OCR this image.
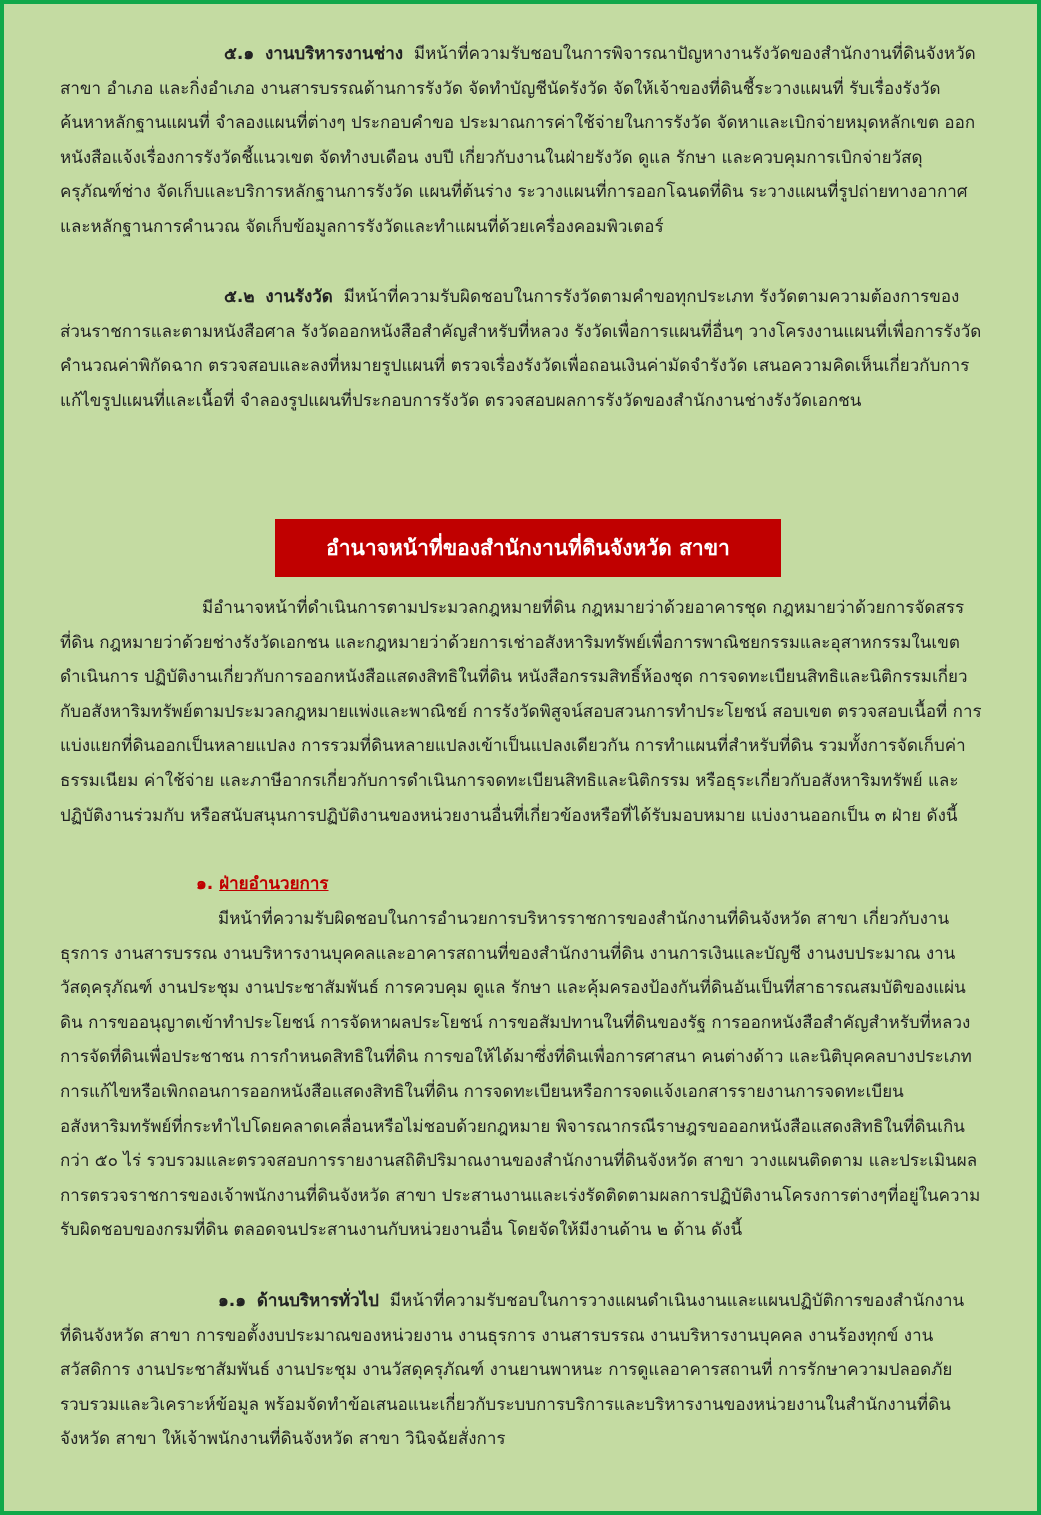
๕.๑ งานบริหารงานช่าง มีหน้าที่ความรับชอบในการพิจารณาปัญหางานรังวัดของสำนักงานที่ดินจังหวัด สาขา อำเภอ และกิ่งอำเภอ งานสารบรรณด้านการรังวัด จัดทำบัญชีนัดรังวัด จัดให้เจ้าของที่ดินชี้ระวางแผนที่ รับเรื่องรังวัด ค้นหาหลักฐานแผนที่ จำลองแผนที่ต่างๆ ประกอบคำขอ ประมาณการค่าใช้จ่ายในการรังวัด จัดหาและเบิกจ่ายหมุดหลักเขต ออกหนังสือแจ้งเรื่องการรังวัดชี้แนวเขต จัดทำงบเดือน งบปี เกี่ยวกับงานในฝ่ายรังวัด ดูแล รักษา และควบคุมการเบิกจ่ายวัสดุครุภัณฑ์ช่าง จัดเก็บและบริการหลักฐานการรังวัด แผนที่ต้นร่าง ระวางแผนที่การออกโฉนดที่ดิน ระวางแผนที่รูปถ่ายทางอากาศ และหลักฐานการคำนวณ จัดเก็บข้อมูลการรังวัดและทำแผนที่ด้วยเครื่องคอมพิวเตอร์

๕.๒ งานรังวัด มีหน้าที่ความรับผิดชอบในการรังวัดตามคำขอทุกประเภท รังวัดตามความต้องการของส่วนราชการและตามหนังสือศาล รังวัดออกหนังสือสำคัญสำหรับที่หลวง รังวัดเพื่อการแผนที่อื่นๆ วางโครงงานแผนที่เพื่อการรังวัด คำนวณค่าพิกัดฉาก ตรวจสอบและลงที่หมายรูปแผนที่ ตรวจเรื่องรังวัดเพื่อถอนเงินค่ามัดจำรังวัด เสนอความคิดเห็นเกี่ยวกับการแก้ไขรูปแผนที่และเนื้อที่ จำลองรูปแผนที่ประกอบการรังวัด ตรวจสอบผลการรังวัดของสำนักงานช่างรังวัดเอกชน

อำนาจหน้าที่ของสำนักงานที่ดินจังหวัด สาขา

มีอำนาจหน้าที่ดำเนินการตามประมวลกฎหมายที่ดิน กฎหมายว่าด้วยอาคารชุด กฎหมายว่าด้วยการจัดสรรที่ดิน กฎหมายว่าด้วยช่างรังวัดเอกชน และกฎหมายว่าด้วยการเช่าอสังหาริมทรัพย์เพื่อการพาณิชยกรรมและอุสาหกรรมในเขตดำเนินการ ปฏิบัติงานเกี่ยวกับการออกหนังสือแสดงสิทธิในที่ดิน หนังสือกรรมสิทธิ์ห้องชุด การจดทะเบียนสิทธิและนิติกรรมเกี่ยวกับอสังหาริมทรัพย์ตามประมวลกฎหมายแพ่งและพาณิชย์ การรังวัดพิสูจน์สอบสวนการทำประโยชน์ สอบเขต ตรวจสอบเนื้อที่ การแบ่งแยกที่ดินออกเป็นหลายแปลง การรวมที่ดินหลายแปลงเข้าเป็นแปลงเดียวกัน การทำแผนที่สำหรับที่ดิน รวมทั้งการจัดเก็บค่าธรรมเนียม ค่าใช้จ่าย และภาษีอากรเกี่ยวกับการดำเนินการจดทะเบียนสิทธิและนิติกรรม หรือธุระเกี่ยวกับอสังหาริมทรัพย์ และปฏิบัติงานร่วมกับ หรือสนับสนุนการปฏิบัติงานของหน่วยงานอื่นที่เกี่ยวข้องหรือที่ได้รับมอบหมาย แบ่งงานออกเป็น ๓ ฝ่าย ดังนี้

๑. ฝ่ายอำนวยการ

มีหน้าที่ความรับผิดชอบในการอำนวยการบริหารราชการของสำนักงานที่ดินจังหวัด สาขา เกี่ยวกับงานธุรการ งานสารบรรณ งานบริหารงานบุคคลและอาคารสถานที่ของสำนักงานที่ดิน งานการเงินและบัญชี งานงบประมาณ งานวัสดุครุภัณฑ์ งานประชุม งานประชาสัมพันธ์ การควบคุม ดูแล รักษา และคุ้มครองป้องกันที่ดินอันเป็นที่สาธารณสมบัติของแผ่นดิน การขออนุญาตเข้าทำประโยชน์ การจัดหาผลประโยชน์ การขอสัมปทานในที่ดินของรัฐ การออกหนังสือสำคัญสำหรับที่หลวง การจัดที่ดินเพื่อประชาชน การกำหนดสิทธิในที่ดิน การขอให้ได้มาซึ่งที่ดินเพื่อการศาสนา คนต่างด้าว และนิติบุคคลบางประเภท การแก้ไขหรือเพิกถอนการออกหนังสือแสดงสิทธิในที่ดิน การจดทะเบียนหรือการจดแจ้งเอกสารรายงานการจดทะเบียนอสังหาริมทรัพย์ที่กระทำไปโดยคลาดเคลื่อนหรือไม่ชอบด้วยกฎหมาย พิจารณากรณีราษฎรขอออกหนังสือแสดงสิทธิในที่ดินเกินกว่า ๕๐ ไร่ รวบรวมและตรวจสอบการรายงานสถิติปริมาณงานของสำนักงานที่ดินจังหวัด สาขา วางแผนติดตาม และประเมินผล การตรวจราชการของเจ้าพนักงานที่ดินจังหวัด สาขา ประสานงานและเร่งรัดติดตามผลการปฏิบัติงานโครงการต่างๆที่อยู่ในความรับผิดชอบของกรมที่ดิน ตลอดจนประสานงานกับหน่วยงานอื่น โดยจัดให้มีงานด้าน ๒ ด้าน ดังนี้

๑.๑ ด้านบริหารทั่วไป มีหน้าที่ความรับชอบในการวางแผนดำเนินงานและแผนปฏิบัติการของสำนักงานที่ดินจังหวัด สาขา การขอตั้งงบประมาณของหน่วยงาน งานธุรการ งานสารบรรณ งานบริหารงานบุคคล งานร้องทุกข์ งานสวัสดิการ งานประชาสัมพันธ์ งานประชุม งานวัสดุครุภัณฑ์ งานยานพาหนะ การดูแลอาคารสถานที่ การรักษาความปลอดภัย รวบรวมและวิเคราะห์ข้อมูล พร้อมจัดทำข้อเสนอแนะเกี่ยวกับระบบการบริการและบริหารงานของหน่วยงานในสำนักงานที่ดินจังหวัด สาขา ให้เจ้าพนักงานที่ดินจังหวัด สาขา วินิจฉัยสั่งการ
